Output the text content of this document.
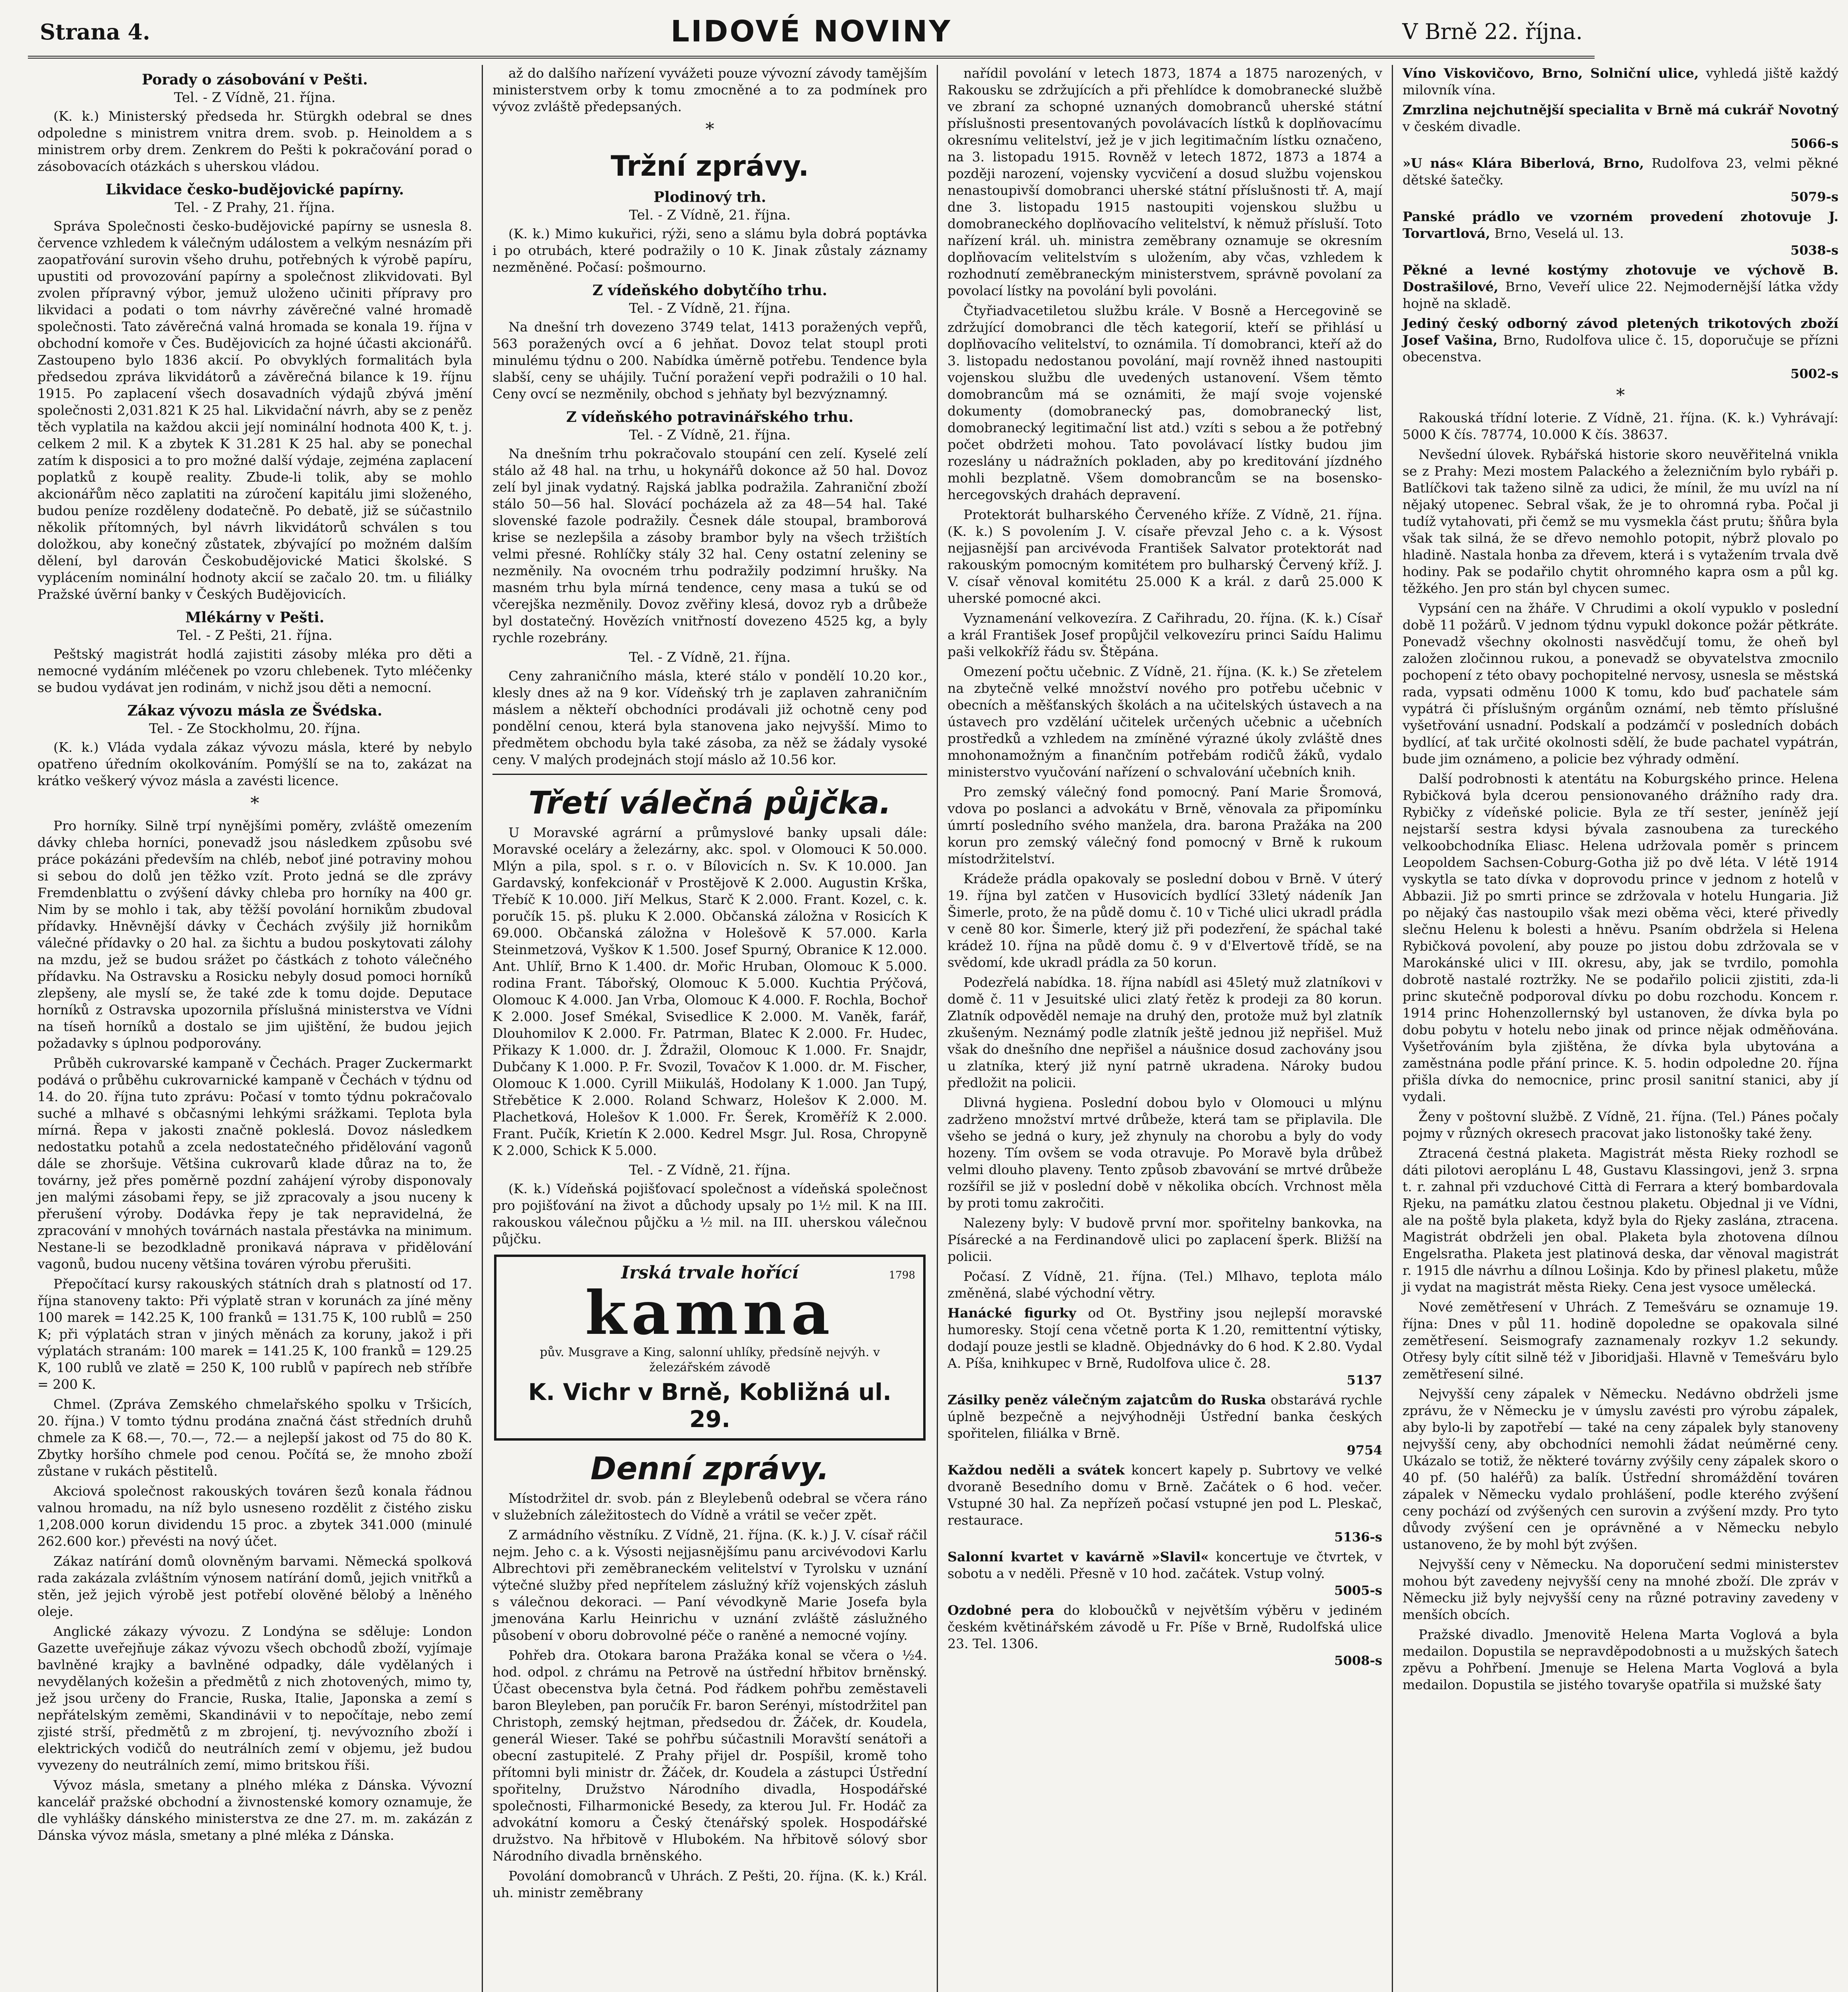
Strana 4.	LIDOVÉ NOVINY	V Brně 22. října.
Porady o zásobování v Pešti.
Tel. - Z Vídně, 21. října.

(K. k.) Ministerský předseda hr. Stürgkh odebral se dnes odpoledne s ministrem vnitra drem. svob. p. Heinoldem a s ministrem orby drem. Zenkrem do Pešti k pokračování porad o zásobovacích otázkách s uherskou vládou.

Likvidace česko-budějovické papírny.
Tel. - Z Prahy, 21. října.

Správa Společnosti česko-budějovické papírny se usnesla 8. července vzhledem k válečným událostem a velkým nesnázím při zaopatřování surovin všeho druhu, potřebných k výrobě papíru, upustiti od provozování papírny a společnost zlikvidovati. Byl zvolen přípravný výbor, jemuž uloženo učiniti přípravy pro likvidaci a podati o tom návrhy závěrečné valné hromadě společnosti. Tato závěrečná valná hromada se konala 19. října v obchodní komoře v Čes. Budějovicích za hojné účasti akcionářů. Zastoupeno bylo 1836 akcií. Po obvyklých formalitách byla předsedou zpráva likvidátorů a závěrečná bilance k 19. říjnu 1915. Po zaplacení všech dosavadních výdajů zbývá jmění společnosti 2,031.821 K 25 hal. Likvidační návrh, aby se z peněz těch vyplatila na každou akcii její nominální hodnota 400 K, t. j. celkem 2 mil. K a zbytek K 31.281 K 25 hal. aby se ponechal zatím k disposici a to pro možné další výdaje, zejména zaplacení poplatků z koupě reality. Zbude-li tolik, aby se mohlo akcionářům něco zaplatiti na zúročení kapitálu jimi složeného, budou peníze rozděleny dodatečně. Po debatě, již se súčastnilo několik přítomných, byl návrh likvidátorů schválen s tou doložkou, aby konečný zůstatek, zbývající po možném dalším dělení, byl darován Českobudějovické Matici školské. S vyplácením nominální hodnoty akcií se začalo 20. tm. u filiálky Pražské úvěrní banky v Českých Budějovicích.

Mlékárny v Pešti.
Tel. - Z Pešti, 21. října.

Peštský magistrát hodlá zajistiti zásoby mléka pro děti a nemocné vydáním mléčenek po vzoru chlebenek. Tyto mléčenky se budou vydávat jen rodinám, v nichž jsou děti a nemocní.

Zákaz vývozu másla ze Švédska.
Tel. - Ze Stockholmu, 20. října.

(K. k.) Vláda vydala zákaz vývozu másla, které by nebylo opatřeno úředním okolkováním. Pomýšlí se na to, zakázat na krátko veškerý vývoz másla a zavésti licence.

*

Pro horníky. Silně trpí nynějšími poměry, zvláště omezením dávky chleba horníci, ponevadž jsou následkem způsobu své práce pokázáni především na chléb, neboť jiné potraviny mohou si sebou do dolů jen těžko vzít. Proto jedná se dle zprávy Fremdenblattu o zvýšení dávky chleba pro horníky na 400 gr. Nim by se mohlo i tak, aby těžší povolání hornikům zbudoval přídavky. Hněvnější dávky v Čechách zvýšily již hornikům válečné přídavky o 20 hal. za šichtu a budou poskytovati zálohy na mzdu, jež se budou srážet po částkách z tohoto válečného přídavku. Na Ostravsku a Rosicku nebyly dosud pomoci horníků zlepšeny, ale myslí se, že také zde k tomu dojde. Deputace horníků z Ostravska upozornila příslušná ministerstva ve Vídni na tíseň horníků a dostalo se jim ujištění, že budou jejich požadavky s úplnou podporovány.

Průběh cukrovarské kampaně v Čechách. Prager Zuckermarkt podává o průběhu cukrovarnické kampaně v Čechách v týdnu od 14. do 20. října tuto zprávu: Počasí v tomto týdnu pokračovalo suché a mlhavé s občasnými lehkými srážkami. Teplota byla mírná. Řepa v jakosti značně pokleslá. Dovoz následkem nedostatku potahů a zcela nedostatečného přidělování vagonů dále se zhoršuje. Většina cukrovarů klade důraz na to, že továrny, jež přes poměrně pozdní zahájení výroby disponovaly jen malými zásobami řepy, se již zpracovaly a jsou nuceny k přerušení výroby. Dodávka řepy je tak nepravidelná, že zpracování v mnohých továrnách nastala přestávka na minimum. Nestane-li se bezodkladně pronikavá náprava v přidělování vagonů, budou nuceny většina továren výrobu přerušiti.

Přepočítací kursy rakouských státních drah s platností od 17. října stanoveny takto: Při výplatě stran v korunách za jíné měny 100 marek = 142.25 K, 100 franků = 131.75 K, 100 rublů = 250 K; při výplatách stran v jiných měnách za koruny, jakož i při výplatách stranám: 100 marek = 141.25 K, 100 franků = 129.25 K, 100 rublů ve zlatě = 250 K, 100 rublů v papírech neb stříbře = 200 K.

Chmel. (Zpráva Zemského chmelařského spolku v Tršicích, 20. října.) V tomto týdnu prodána značná část středních druhů chmele za K 68.—, 70.—, 72.— a nejlepší jakost od 75 do 80 K. Zbytky horšího chmele pod cenou. Počítá se, že mnoho zboží zůstane v rukách pěstitelů.

Akciová společnost rakouských továren šezů konala řádnou valnou hromadu, na níž bylo usneseno rozdělit z čistého zisku 1,208.000 korun dividendu 15 proc. a zbytek 341.000 (minulé 262.600 kor.) převésti na nový účet.

Zákaz natírání domů olovněným barvami. Německá spolková rada zakázala zvláštním výnosem natírání domů, jejich vnitřků a stěn, jež jejich výrobě jest potřebí olověné bělobý a lněného oleje.

Anglické zákazy vývozu. Z Londýna se sděluje: London Gazette uveřejňuje zákaz vývozu všech obchodů zboží, vyjímaje bavlněné krajky a bavlněné odpadky, dále vydělaných i nevydělaných kožešin a předmětů z nich zhotovených, mimo ty, jež jsou určeny do Francie, Ruska, Italie, Japonska a zemí s nepřátelským zeměmi, Skandinávii v to nepočítaje, nebo zemí zjisté strší, předmětů z m zbrojení, tj. nevývozního zboží i elektrických vodičů do neutrálních zemí v objemu, jež budou vyvezeny do neutrálních zemí, mimo britskou říši.

Vývoz másla, smetany a plného mléka z Dánska. Vývozní kancelář pražské obchodní a živnostenské komory oznamuje, že dle vyhlášky dánského ministerstva ze dne 27. m. m. zakázán z Dánska vývoz másla, smetany a plné mléka z Dánska.

až do dalšího nařízení vyvážeti pouze vývozní závody tamějším ministerstvem orby k tomu zmocněné a to za podmínek pro vývoz zvláště předepsaných.

*
Tržní zprávy.
Plodinový trh.
Tel. - Z Vídně, 21. října.

(K. k.) Mimo kukuřici, rýži, seno a slámu byla dobrá poptávka i po otrubách, které podražily o 10 K. Jinak zůstaly záznamy nezměněné. Počasí: pošmourno.

Z vídeňského dobytčího trhu.
Tel. - Z Vídně, 21. října.

Na dnešní trh dovezeno 3749 telat, 1413 poražených vepřů, 563 poražených ovcí a 6 jehňat. Dovoz telat stoupl proti minulému týdnu o 200. Nabídka úměrně potřebu. Tendence byla slabší, ceny se uhájily. Tuční poražení vepři podražili o 10 hal. Ceny ovcí se nezměnily, obchod s jehňaty byl bezvýznamný.

Z vídeňského potravinářského trhu.
Tel. - Z Vídně, 21. října.

Na dnešním trhu pokračovalo stoupání cen zelí. Kyselé zelí stálo až 48 hal. na trhu, u hokynářů dokonce až 50 hal. Dovoz zelí byl jinak vydatný. Rajská jablka podražila. Zahraniční zboží stálo 50—56 hal. Slovácí pocházela až za 48—54 hal. Také slovenské fazole podražily. Česnek dále stoupal, bramborová krise se nezlepšila a zásoby brambor byly na všech tržištích velmi přesné. Rohlíčky stály 32 hal. Ceny ostatní zeleniny se nezměnily. Na ovocném trhu podražily podzimní hrušky. Na masném trhu byla mírná tendence, ceny masa a tukú se od včerejška nezměnily. Dovoz zvěřiny klesá, dovoz ryb a drůbeže byl dostatečný. Hovězích vnitřností dovezeno 4525 kg, a byly rychle rozebrány.

Tel. - Z Vídně, 21. října.

Ceny zahraničního másla, které stálo v pondělí 10.20 kor., klesly dnes až na 9 kor. Vídeňský trh je zaplaven zahraničním máslem a někteří obchodníci prodávali již ochotně ceny pod pondělní cenou, která byla stanovena jako nejvyšší. Mimo to předmětem obchodu byla také zásoba, za něž se žádaly vysoké ceny. V malých prodejnách stojí máslo až 10.56 kor.

Třetí válečná půjčka.

U Moravské agrární a průmyslové banky upsali dále: Moravské oceláry a železárny, akc. spol. v Olomouci K 50.000. Mlýn a pila, spol. s r. o. v Bílovicích n. Sv. K 10.000. Jan Gardavský, konfekcionář v Prostějově K 2.000. Augustin Krška, Třebíč K 10.000. Jiří Melkus, Starč K 2.000. Frant. Kozel, c. k. poručík 15. pš. pluku K 2.000. Občanská záložna v Rosicích K 69.000. Občanská záložna v Holešově K 57.000. Karla Steinmetzová, Vyškov K 1.500. Josef Spurný, Obranice K 12.000. Ant. Uhlíř, Brno K 1.400. dr. Mořic Hruban, Olomouc K 5.000. rodina Frant. Tábořský, Olomouc K 5.000. Kuchtia Prýčová, Olomouc K 4.000. Jan Vrba, Olomouc K 4.000. F. Rochla, Bochoř K 2.000. Josef Smékal, Svisedlice K 2.000. M. Vaněk, farář, Dlouhomilov K 2.000. Fr. Patrman, Blatec K 2.000. Fr. Hudec, Přikazy K 1.000. dr. J. Ždražil, Olomouc K 1.000. Fr. Snajdr, Dubčany K 1.000. P. Fr. Svozil, Tovačov K 1.000. dr. M. Fischer, Olomouc K 1.000. Cyrill Miikuláš, Hodolany K 1.000. Jan Tupý, Střebětice K 2.000. Roland Schwarz, Holešov K 2.000. M. Plachetková, Holešov K 1.000. Fr. Šerek, Kroměříž K 2.000. Frant. Pučík, Krietín K 2.000. Kedrel Msgr. Jul. Rosa, Chropyně K 2.000, Schick K 5.000.

Tel. - Z Vídně, 21. října.

(K. k.) Vídeňská pojišťovací společnost a vídeňská společnost pro pojišťování na život a důchody upsaly po 1½ mil. K na III. rakouskou válečnou půjčku a ½ mil. na III. uherskou válečnou půjčku.

Irská trvale hořící	1798
kamna
pův. Musgrave a King, salonní uhlíky, předsíně nejvýh. v železářském závodě
K. Vichr v Brně, Kobližná ul. 29.
Denní zprávy.

Místodržitel dr. svob. pán z Bleylebenů odebral se včera ráno v služebních záležitostech do Vídně a vrátil se večer zpět.

Z armádního věstníku. Z Vídně, 21. října. (K. k.) J. V. císař ráčil nejm. Jeho c. a k. Výsosti nejjasnějšímu panu arcivévodovi Karlu Albrechtovi při zeměbraneckém velitelství v Tyrolsku v uznání výtečné služby před nepřítelem záslužný kříž vojenských zásluh s válečnou dekoraci. — Paní vévodkyně Marie Josefa byla jmenována Karlu Heinrichu v uznání zvláště záslužného působení v oboru dobrovolné péče o raněné a nemocné vojíny.

Pohřeb dra. Otokara barona Pražáka konal se včera o ½4. hod. odpol. z chrámu na Petrově na ústřední hřbitov brněnský. Účast obecenstva byla četná. Pod řádkem pohřbu zeměstaveli baron Bleyleben, pan poručík Fr. baron Serényi, místodržitel pan Christoph, zemský hejtman, předsedou dr. Žáček, dr. Koudela, generál Wieser. Také se pohřbu súčastnili Moravští senátoři a obecní zastupitelé. Z Prahy přijel dr. Pospíšil, kromě toho přítomni byli ministr dr. Žáček, dr. Koudela a zástupci Ústřední spořitelny, Družstvo Národního divadla, Hospodářské společnosti, Filharmonické Besedy, za kterou Jul. Fr. Hodáč za advokátní komoru a Český čtenářský spolek. Hospodářské družstvo. Na hřbitově v Hlubokém. Na hřbitově sólový sbor Národního divadla brněnského.

Povolání domobranců v Uhrách. Z Pešti, 20. října. (K. k.) Král. uh. ministr zeměbrany

nařídil povolání v letech 1873, 1874 a 1875 narozených, v Rakousku se zdržujících a při přehlídce k domobranecké službě ve zbraní za schopné uznaných domobranců uherské státní příslušnosti presentovaných povolávacích lístků k doplňovacímu okresnímu velitelství, jež je v jich legitimačním lístku označeno, na 3. listopadu 1915. Rovněž v letech 1872, 1873 a 1874 a později narození, vojensky vycvičení a dosud službu vojenskou nenastoupivší domobranci uherské státní příslušnosti tř. A, mají dne 3. listopadu 1915 nastoupiti vojenskou službu u domobraneckého doplňovacího velitelství, k němuž přísluší. Toto nařízení král. uh. ministra zeměbrany oznamuje se okresním doplňovacím velitelstvím s uložením, aby včas, vzhledem k rozhodnutí zeměbraneckým ministerstvem, správně povolaní za povolací lístky na povolání byli povoláni.

Čtyřiadvacetiletou službu krále. V Bosně a Hercegovině se zdržující domobranci dle těch kategorií, kteří se přihlásí u doplňovacího velitelství, to oznámila. Tí domobranci, kteří až do 3. listopadu nedostanou povolání, mají rovněž ihned nastoupiti vojenskou službu dle uvedených ustanovení. Všem těmto domobrancům má se oznámiti, že mají svoje vojenské dokumenty (domobranecký pas, domobranecký list, domobranecký legitimační list atd.) vzíti s sebou a že potřebný počet obdržeti mohou. Tato povolávací lístky budou jim rozeslány u nádražních pokladen, aby po kreditování jízdného mohli bezplatně. Všem domobrancům se na bosensko-hercegovských drahách depravení.

Protektorát bulharského Červeného kříže. Z Vídně, 21. října. (K. k.) S povolením J. V. císaře převzal Jeho c. a k. Výsost nejjasnější pan arcivévoda František Salvator protektorát nad rakouským pomocným komitétem pro bulharský Červený kříž. J. V. císař věnoval komitétu 25.000 K a král. z darů 25.000 K uherské pomocné akci.

Vyznamenání velkovezíra. Z Cařihradu, 20. října. (K. k.) Císař a král František Josef propůjčil velkovezíru princi Saídu Halimu paši velkokříž řádu sv. Štěpána.

Omezení počtu učebnic. Z Vídně, 21. října. (K. k.) Se zřetelem na zbytečně velké množství nového pro potřebu učebnic v obecních a měšťanských školách a na učitelských ústavech a na ústavech pro vzdělání učitelek určených učebnic a učebních prostředků a vzhledem na zmíněné výrazné úkoly zvláště dnes mnohonamožným a finančním potřebám rodičů žáků, vydalo ministerstvo vyučování nařízení o schvalování učebních knih.

Pro zemský válečný fond pomocný. Paní Marie Šromová, vdova po poslanci a advokátu v Brně, věnovala za připomínku úmrtí posledního svého manžela, dra. barona Pražáka na 200 korun pro zemský válečný fond pomocný v Brně k rukoum místodržitelství.

Krádeže prádla opakovaly se poslední dobou v Brně. V úterý 19. října byl zatčen v Husovicích bydlící 33letý nádeník Jan Šimerle, proto, že na půdě domu č. 10 v Tiché ulici ukradl prádla v ceně 80 kor. Šimerle, který již při podezření, že spáchal také krádež 10. října na půdě domu č. 9 v d'Elvertově třídě, se na svědomí, kde ukradl prádla za 50 korun.

Podezřelá nabídka. 18. října nabídl asi 45letý muž zlatníkovi v domě č. 11 v Jesuitské ulici zlatý řetěz k prodeji za 80 korun. Zlatník odpověděl nemaje na druhý den, protože muž byl zlatník zkušeným. Neznámý podle zlatník ještě jednou již nepřišel. Muž však do dnešního dne nepřišel a náušnice dosud zachovány jsou u zlatníka, který již nyní patrně ukradena. Nároky budou předložit na policii.

Dlivná hygiena. Poslední dobou bylo v Olomouci u mlýnu zadrženo množství mrtvé drůbeže, která tam se připlavila. Dle všeho se jedná o kury, jež zhynuly na chorobu a byly do vody hozeny. Tím ovšem se voda otravuje. Po Moravě byla drůbež velmi dlouho plaveny. Tento způsob zbavování se mrtvé drůbeže rozšířil se již v poslední době v několika obcích. Vrchnost měla by proti tomu zakročiti.

Nalezeny byly: V budově první mor. spořitelny bankovka, na Písárecké a na Ferdinandově ulici po zaplacení šperk. Bližší na policii.

Počasí. Z Vídně, 21. října. (Tel.) Mlhavo, teplota málo změněná, slabé východní větry.

Hanácké figurky od Ot. Bystřiny jsou nejlepší moravské humoresky. Stojí cena včetně porta K 1.20, remittentní výtisky, dodají pouze jestli se kladně. Objednávky do 6 hod. K 2.80. Vydal A. Píša, knihkupec v Brně, Rudolfova ulice č. 28.

5137

Zásilky peněz válečným zajatcům do Ruska obstarává rychle úplně bezpečně a nejvýhodněji Ústřední banka českých spořitelen, filiálka v Brně.

9754

Každou neděli a svátek koncert kapely p. Subrtovy ve velké dvoraně Besedního domu v Brně. Začátek o 6 hod. večer. Vstupné 30 hal. Za nepřízeň počasí vstupné jen pod L. Pleskač, restaurace.

5136-s

Salonní kvartet v kavárně »Slavil« koncertuje ve čtvrtek, v sobotu a v neděli. Přesně v 10 hod. začátek. Vstup volný.

5005-s

Ozdobné pera do kloboučků v největším výběru v jediném českém květinářském závodě u Fr. Píše v Brně, Rudolfská ulice 23. Tel. 1306.

5008-s

Víno Viskovičovo, Brno, Solniční ulice, vyhledá jiště každý milovník vína.

Zmrzlina nejchutnější specialita v Brně má cukrář Novotný v českém divadle.

5066-s

»U nás« Klára Biberlová, Brno, Rudolfova 23, velmi pěkné dětské šatečky.

5079-s

Panské prádlo ve vzorném provedení zhotovuje J. Torvartlová, Brno, Veselá ul. 13.

5038-s

Pěkné a levné kostýmy zhotovuje ve výchově B. Dostrašilové, Brno, Veveří ulice 22. Nejmodernější látka vždy hojně na skladě.

Jediný český odborný závod pletených trikotových zboží Josef Vašina, Brno, Rudolfova ulice č. 15, doporučuje se přízni obecenstva.

5002-s
*

Rakouská třídní loterie. Z Vídně, 21. října. (K. k.) Vyhrávají: 5000 K čís. 78774, 10.000 K čís. 38637.

Nevšední úlovek. Rybářská historie skoro neuvěřitelná vnikla se z Prahy: Mezi mostem Palackého a železničním bylo rybáři p. Batlíčkovi tak taženo silně za udici, že mínil, že mu uvízl na ní nějaký utopenec. Sebral však, že je to ohromná ryba. Počal ji tudíž vytahovati, při čemž se mu vysmekla část prutu; šňůra byla však tak silná, že se dřevo nemohlo potopit, nýbrž plovalo po hladině. Nastala honba za dřevem, která i s vytažením trvala dvě hodiny. Pak se podařilo chytit ohromného kapra osm a půl kg. těžkého. Jen pro stán byl chycen sumec.

Vypsání cen na žháře. V Chrudimi a okolí vypuklo v poslední době 11 požárů. V jednom týdnu vypukl dokonce požár pětkráte. Ponevadž všechny okolnosti nasvědčují tomu, že oheň byl založen zločinnou rukou, a ponevadž se obyvatelstva zmocnilo pochopení z této obavy pochopitelné nervosy, usnesla se městská rada, vypsati odměnu 1000 K tomu, kdo buď pachatele sám vypátrá či příslušným orgánům oznámí, neb těmto příslušné vyšetřování usnadní. Podskalí a podzámčí v posledních dobách bydlící, ať tak určité okolnosti sdělí, že bude pachatel vypátrán, bude jim oznámeno, a policie bez výhrady odmění.

Další podrobnosti k atentátu na Koburgského prince. Helena Rybičková byla dcerou pensionovaného drážního rady dra. Rybičky z vídeňské policie. Byla ze tří sester, jeníněž její nejstarší sestra kdysi bývala zasnoubena za tureckého velkoobchodníka Eliasc. Helena udržovala poměr s princem Leopoldem Sachsen-Coburg-Gotha již po dvě léta. V létě 1914 vyskytla se tato dívka v doprovodu prince v jednom z hotelů v Abbazii. Již po smrti prince se zdržovala v hotelu Hungaria. Již po nějaký čas nastoupilo však mezi oběma věci, které přivedly slečnu Helenu k bolesti a hněvu. Psaním obdržela si Helena Rybičková povolení, aby pouze po jistou dobu zdržovala se v Marokánské ulici v III. okresu, aby, jak se tvrdilo, pomohla dobrotě nastalé roztržky. Ne se podařilo policii zjistiti, zda-li princ skutečně podporoval dívku po dobu rozchodu. Koncem r. 1914 princ Hohenzollernský byl ustanoven, že dívka byla po dobu pobytu v hotelu nebo jinak od prince nějak odměňována. Vyšetřováním byla zjištěna, že dívka byla ubytována a zaměstnána podle přání prince. K. 5. hodin odpoledne 20. října přišla dívka do nemocnice, princ prosil sanitní stanici, aby jí vydali.

Ženy v poštovní službě. Z Vídně, 21. října. (Tel.) Pánes počaly pojmy v různých okresech pracovat jako listonošky také ženy.

Ztracená čestná plaketa. Magistrát města Rieky rozhodl se dáti pilotovi aeroplánu L 48, Gustavu Klassingovi, jenž 3. srpna t. r. zahnal při vzduchové Città di Ferrara a který bombardovala Rjeku, na památku zlatou čestnou plaketu. Objednal ji ve Vídni, ale na poště byla plaketa, když byla do Rjeky zaslána, ztracena. Magistrát obdrželi jen obal. Plaketa byla zhotovena dílnou Engelsratha. Plaketa jest platinová deska, dar věnoval magistrát r. 1915 dle návrhu a dílnou Lošinja. Kdo by přinesl plaketu, může ji vydat na magistrát města Rieky. Cena jest vysoce umělecká.

Nové zemětřesení v Uhrách. Z Temešváru se oznamuje 19. října: Dnes v půl 11. hodině dopoledne se opakovala silné zemětřesení. Seismografy zaznamenaly rozkyv 1.2 sekundy. Otřesy byly cítit silně též v Jiboridjaši. Hlavně v Temešváru bylo zemětřesení silné.

Nejvyšší ceny zápalek v Německu. Nedávno obdrželi jsme zprávu, že v Německu je v úmyslu zavésti pro výrobu zápalek, aby bylo-li by zapotřebí — také na ceny zápalek byly stanoveny nejvyšší ceny, aby obchodníci nemohli žádat neúměrné ceny. Ukázalo se totiž, že některé továrny zvýšily ceny zápalek skoro o 40 pf. (50 haléřů) za balík. Ústřední shromáždění továren zápalek v Německu vydalo prohlášení, podle kterého zvýšení ceny pochází od zvýšených cen surovin a zvýšení mzdy. Pro tyto důvody zvýšení cen je oprávněné a v Německu nebylo ustanoveno, že by mohl být zvýšen.

Nejvyšší ceny v Německu. Na doporučení sedmi ministerstev mohou být zavedeny nejvyšší ceny na mnohé zboží. Dle zpráv v Německu již byly nejvyšší ceny na různé potraviny zavedeny v menších obcích.

Pražské divadlo. Jmenovitě Helena Marta Voglová a byla medailon. Dopustila se nepravděpodobnosti a u mužských šatech zpěvu a Pohřbení. Jmenuje se Helena Marta Voglová a byla medailon. Dopustila se jistého tovaryše opatřila si mužské šaty
